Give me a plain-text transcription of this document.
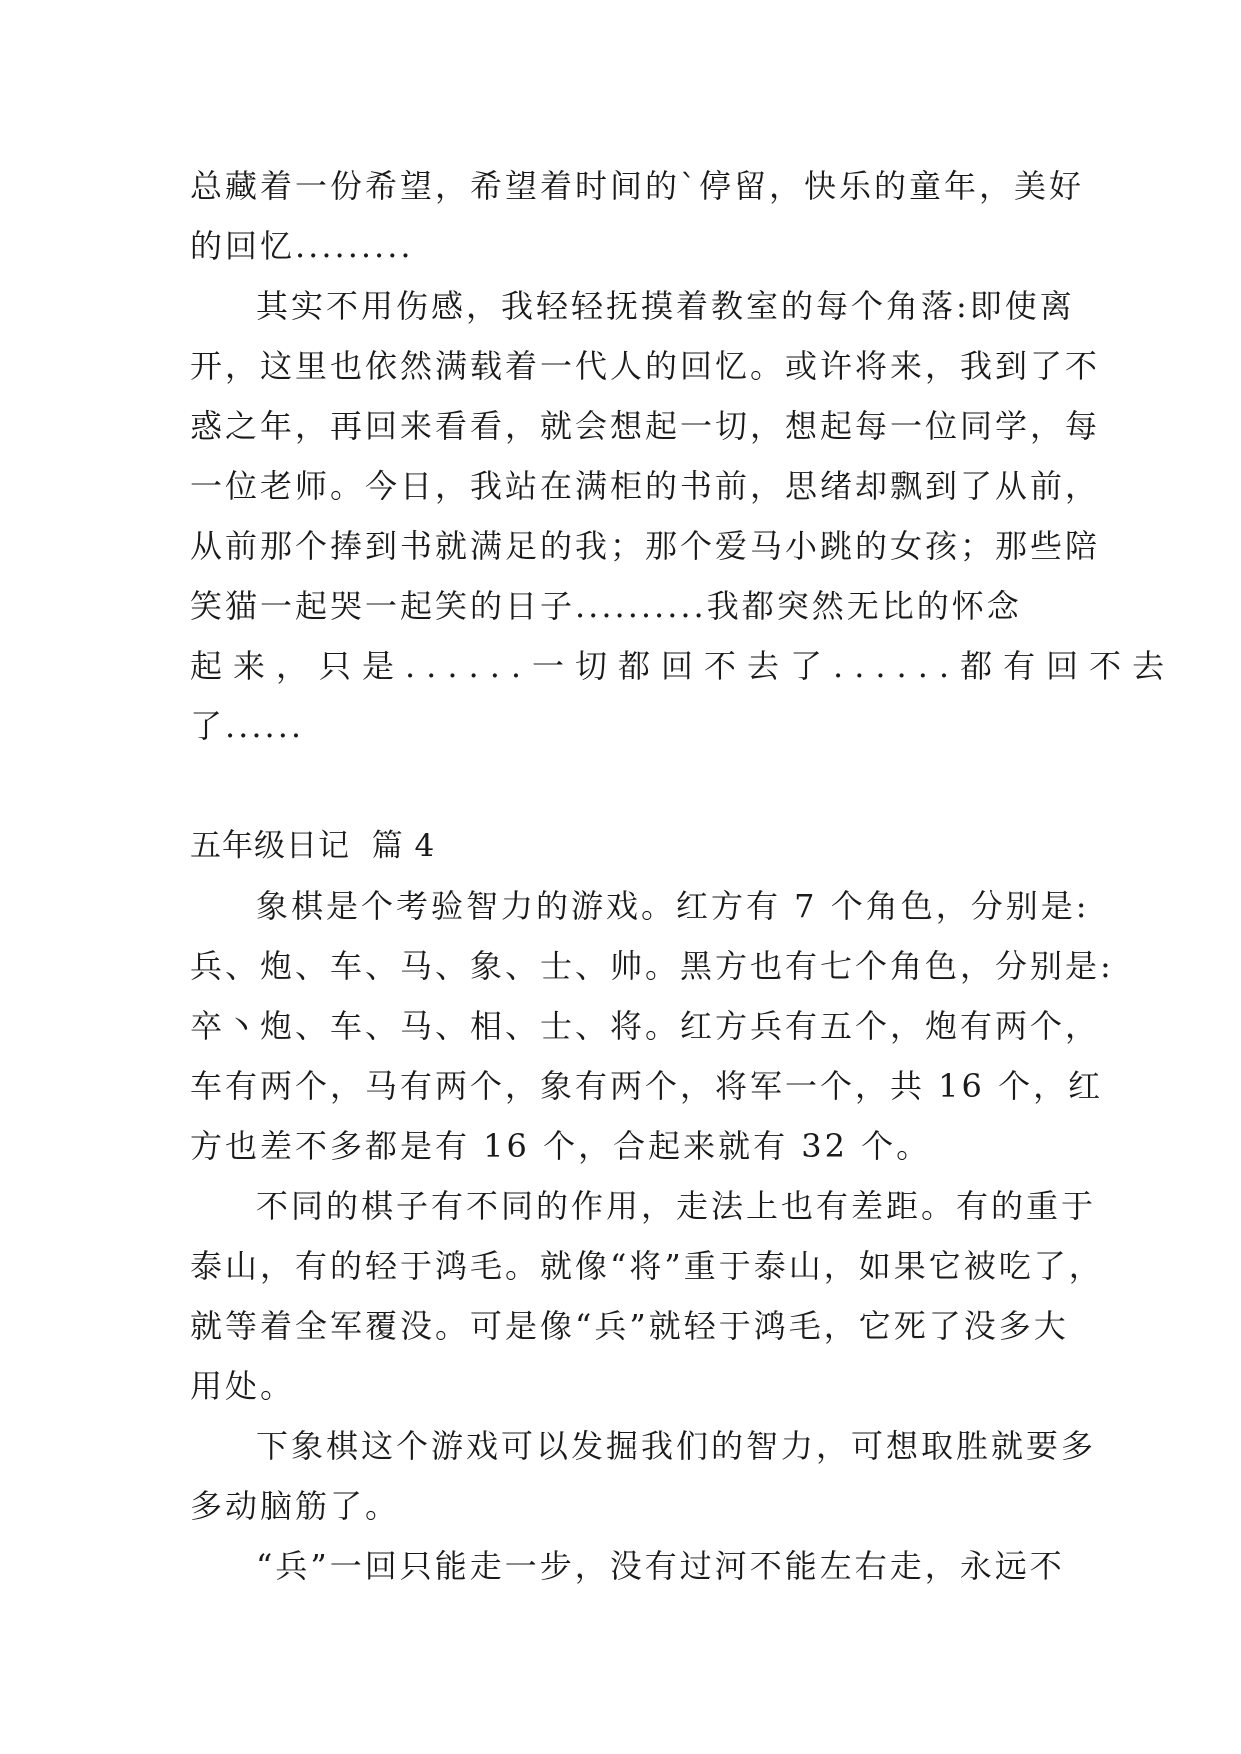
总藏着一份希望，希望着时间的`停留，快乐的童年，美好
的回忆.........
其实不用伤感，我轻轻抚摸着教室的每个角落:即使离
开，这里也依然满载着一代人的回忆。或许将来，我到了不
惑之年，再回来看看，就会想起一切，想起每一位同学，每
一位老师。今日，我站在满柜的书前，思绪却飘到了从前，
从前那个捧到书就满足的我；那个爱马小跳的女孩；那些陪
笑猫一起哭一起笑的日子..........我都突然无比的怀念
起来，只是......一切都回不去了......都有回不去
了......
五年级日记  篇 4
象棋是个考验智力的游戏。红方有 7 个角色，分别是:
兵、炮、车、马、象、士、帅。黑方也有七个角色，分别是:
卒丶炮、车、马、相、士、将。红方兵有五个，炮有两个，
车有两个，马有两个，象有两个，将军一个，共 16 个，红
方也差不多都是有 16 个，合起来就有 32 个。
不同的棋子有不同的作用，走法上也有差距。有的重于
泰山，有的轻于鸿毛。就像“将”重于泰山，如果它被吃了，
就等着全军覆没。可是像“兵”就轻于鸿毛，它死了没多大
用处。
下象棋这个游戏可以发掘我们的智力，可想取胜就要多
多动脑筋了。
“兵”一回只能走一步，没有过河不能左右走，永远不
